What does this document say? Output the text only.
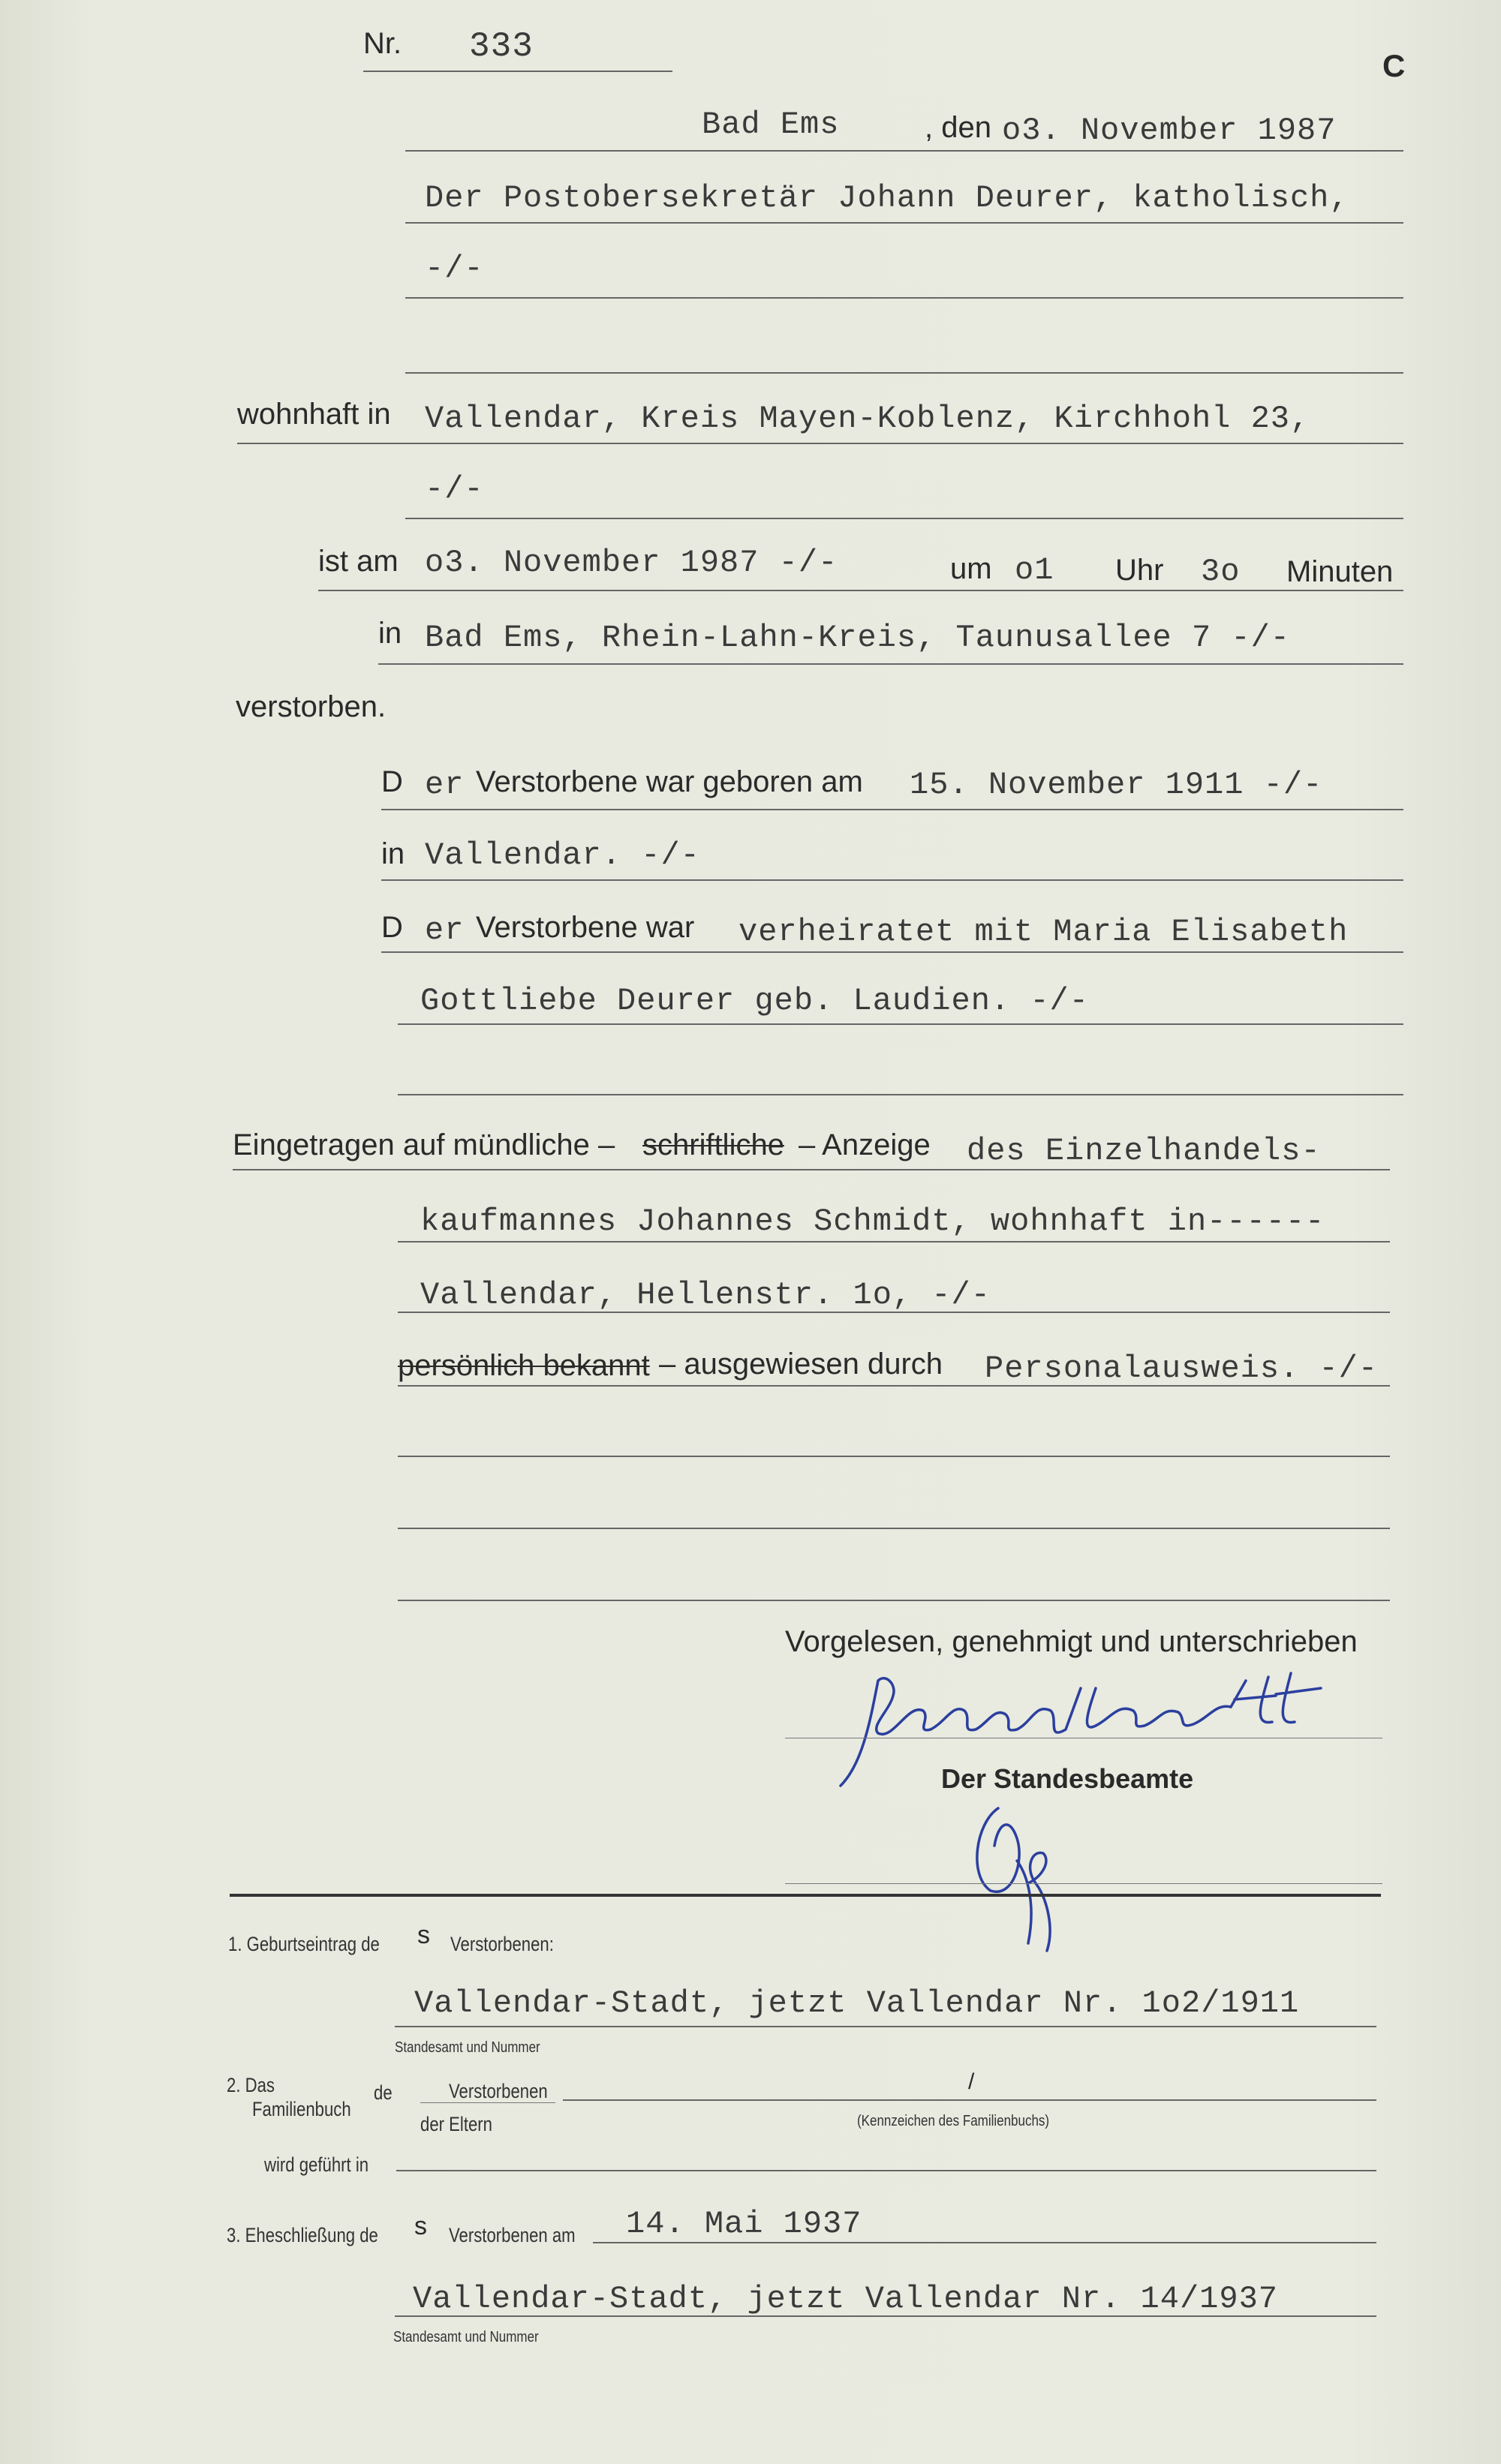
Nr. 333	C
Bad Ems	, den o3. November 1987
Der Postobersekretär Johann Deurer, katholisch,
-/-
wohnhaft in Vallendar, Kreis Mayen-Koblenz, Kirchhohl 23,
-/-
ist am o3. November 1987 -/-	um o1 Uhr 3o Minuten
in Bad Ems, Rhein-Lahn-Kreis, Taunusallee 7 -/-
verstorben.
D er Verstorbene war geboren am 15. November 1911 -/-
in Vallendar. -/-
D er Verstorbene war verheiratet mit Maria Elisabeth
Gottliebe Deurer geb. Laudien. -/-
Eingetragen auf mündliche – schriftliche – Anzeige des Einzelhandels-
kaufmannes Johannes Schmidt, wohnhaft in------
Vallendar, Hellenstr. 1o, -/-
persönlich bekannt – ausgewiesen durch Personalausweis. -/-
Vorgelesen, genehmigt und unterschrieben
Der Standesbeamte
1. Geburtseintrag de s Verstorbenen:
Vallendar-Stadt, jetzt Vallendar Nr. 1o2/1911
Standesamt und Nummer
2. Das
Familienbuch
de	Verstorbenen
der Eltern
/
(Kennzeichen des Familienbuchs)
wird geführt in
3. Eheschließung de s Verstorbenen am 14. Mai 1937
Vallendar-Stadt, jetzt Vallendar Nr. 14/1937
Standesamt und Nummer
